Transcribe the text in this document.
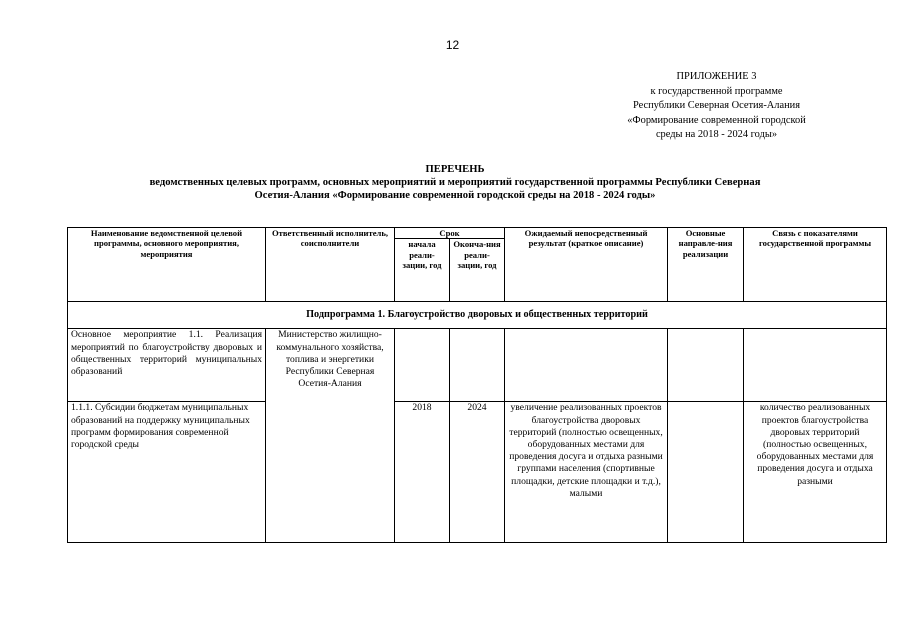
12
ПРИЛОЖЕНИЕ 3
к государственной программе
Республики Северная Осетия-Алания
«Формирование современной городской
среды на 2018 - 2024 годы»
ПЕРЕЧЕНЬ
ведомственных целевых программ, основных мероприятий и мероприятий государственной программы Республики Северная
Осетия-Алания «Формирование современной городской среды на 2018 - 2024 годы»
Наименование ведомственной целевой программы, основного мероприятия, мероприятия	Ответственный исполнитель, соисполнители	Срок		Ожидаемый непосредственный результат (краткое описание)	Основные направле-ния реализации	Связь с показателями государственной программы
		начала реали-зации, год	Оконча-ния реали-зации, год			
Подпрограмма 1. Благоустройство дворовых и общественных территорий						
Основное мероприятие 1.1. Реализация мероприятий по благоустройству дворовых и общественных территорий муниципальных образований	Министерство жилищно-коммунального хозяйства, топлива и энергетики
Республики Северная Осетия-Алания					
1.1.1. Субсидии бюджетам муниципальных образований на поддержку муниципальных программ формирования современной городской среды		2018	2024	увеличение реализованных проектов благоустройства дворовых территорий (полностью освещенных, оборудованных местами для проведения досуга и отдыха разными группами населения (спортивные площадки, детские площадки и т.д.), малыми		количество реализованных проектов благоустройства дворовых территорий (полностью освещенных, оборудованных местами для проведения досуга и отдыха разными
